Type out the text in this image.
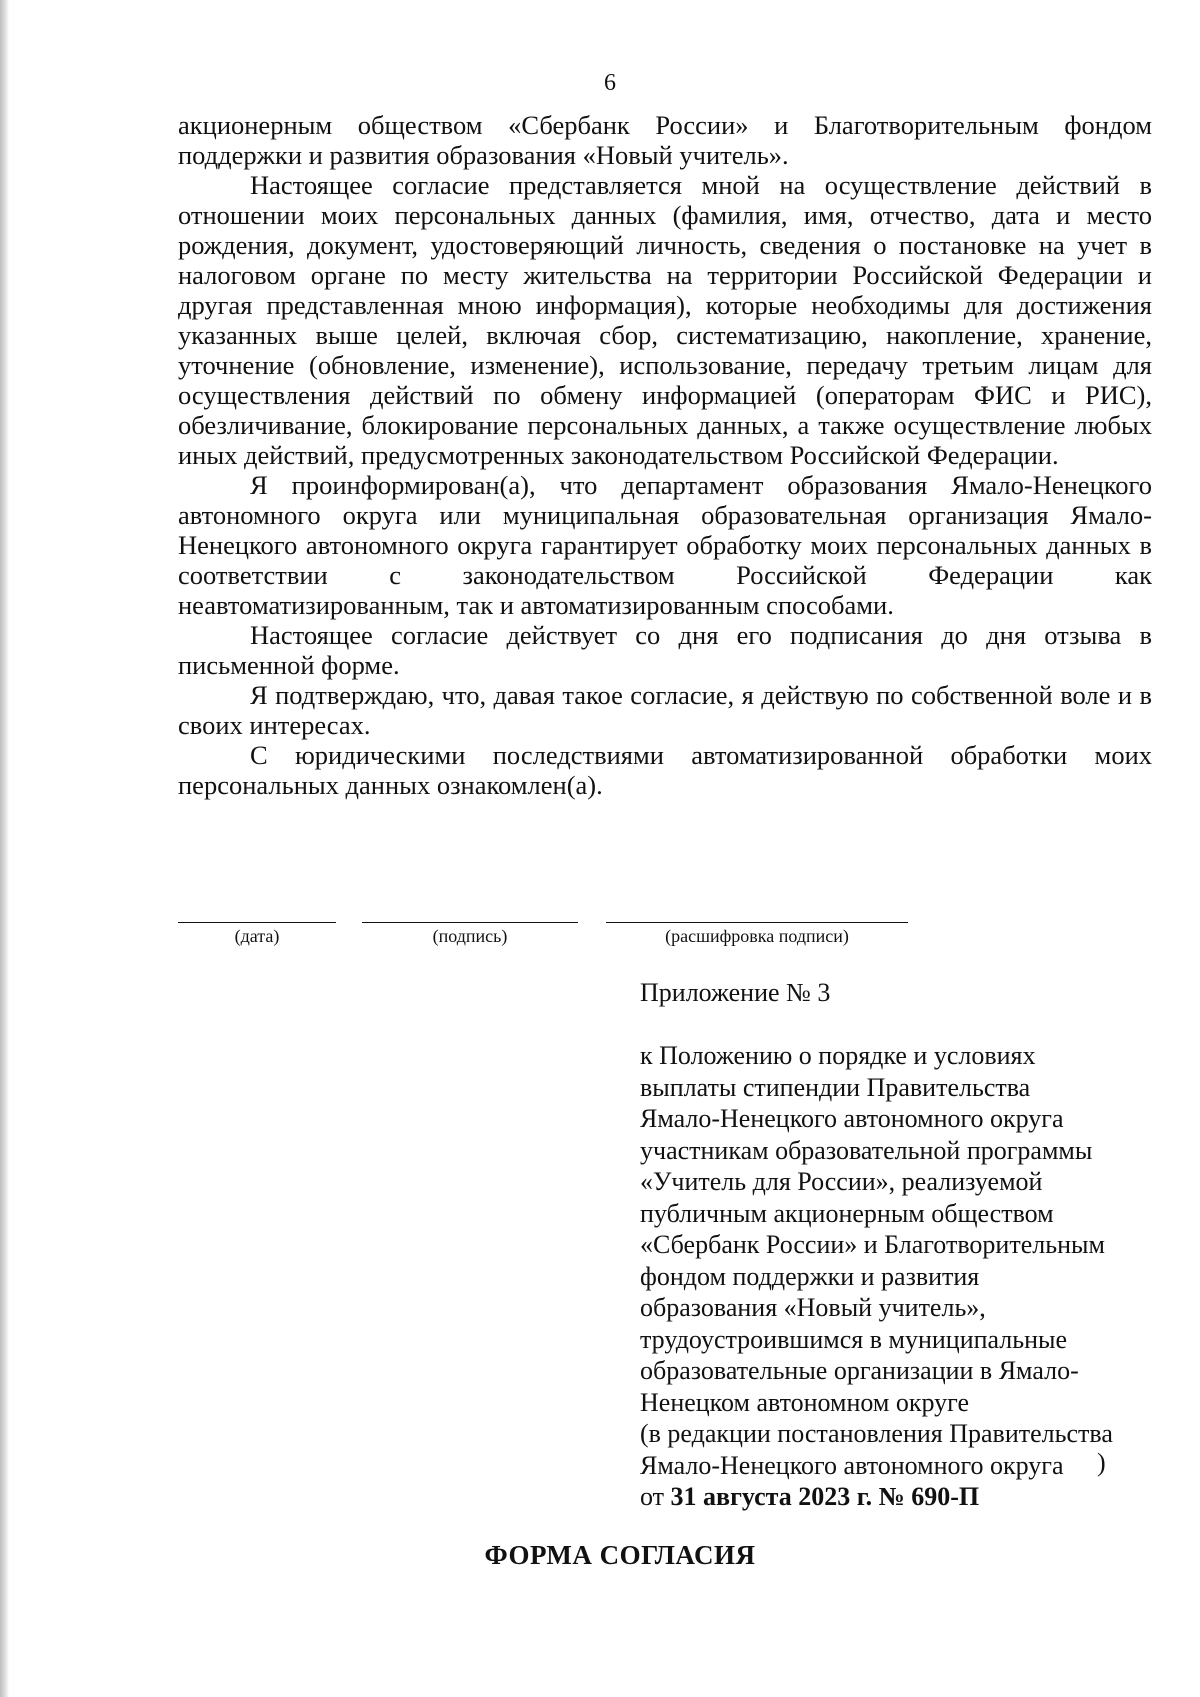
6

акционерным обществом «Сбербанк России» и Благотворительным фондом поддержки и развития образования «Новый учитель».

Настоящее согласие представляется мной на осуществление действий в отношении моих персональных данных (фамилия, имя, отчество, дата и место рождения, документ, удостоверяющий личность, сведения о постановке на учет в налоговом органе по месту жительства на территории Российской Федерации и другая представленная мною информация), которые необходимы для достижения указанных выше целей, включая сбор, систематизацию, накопление, хранение, уточнение (обновление, изменение), использование, передачу третьим лицам для осуществления действий по обмену информацией (операторам ФИС и РИС), обезличивание, блокирование персональных данных, а также осуществление любых иных действий, предусмотренных законодательством Российской Федерации.

Я проинформирован(а), что департамент образования Ямало-Ненецкого автономного округа или муниципальная образовательная организация Ямало-Ненецкого автономного округа гарантирует обработку моих персональных данных в соответствии с законодательством Российской Федерации как неавтоматизированным, так и автоматизированным способами.

Настоящее согласие действует со дня его подписания до дня отзыва в письменной форме.

Я подтверждаю, что, давая такое согласие, я действую по собственной воле и в своих интересах.

С юридическими последствиями автоматизированной обработки моих персональных данных ознакомлен(а).

(дата)	(подпись)	(расшифровка подписи)
Приложение № 3
к Положению о порядке и условиях
выплаты стипендии Правительства
Ямало-Ненецкого автономного округа
участникам образовательной программы
«Учитель для России», реализуемой
публичным акционерным обществом
«Сбербанк России» и Благотворительным
фондом поддержки и развития
образования «Новый учитель»,
трудоустроившимся в муниципальные
образовательные организации в Ямало-
Ненецком автономном округе
(в редакции постановления Правительства
Ямало-Ненецкого автономного округа
от 31 августа 2023 г. № 690-П
)
ФОРМА СОГЛАСИЯ
